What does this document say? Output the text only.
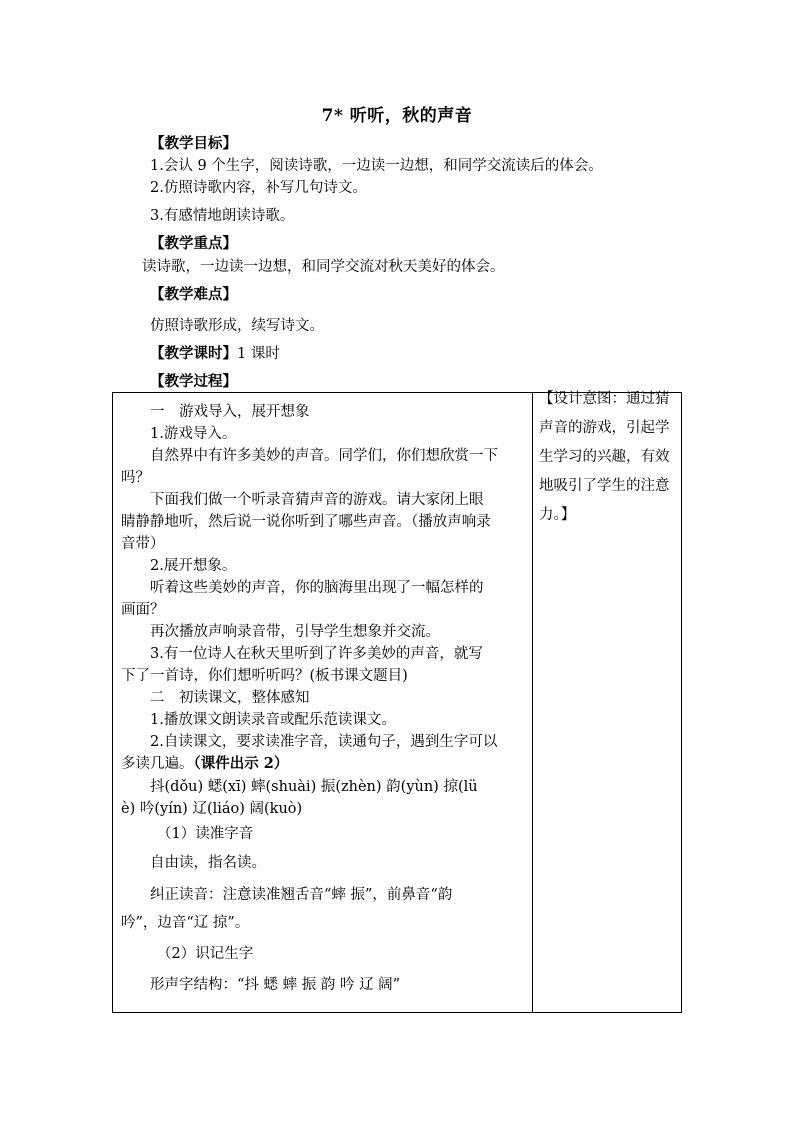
7* 听听，秋的声音
【教学目标】
1.会认 9 个生字，阅读诗歌，一边读一边想，和同学交流读后的体会。
2.仿照诗歌内容，补写几句诗文。
3.有感情地朗读诗歌。
【教学重点】
读诗歌，一边读一边想，和同学交流对秋天美好的体会。
【教学难点】
仿照诗歌形成，续写诗文。
【教学课时】1 课时
【教学过程】
一　游戏导入，展开想象
1.游戏导入。
自然界中有许多美妙的声音。同学们，你们想欣赏一下
吗？
下面我们做一个听录音猜声音的游戏。请大家闭上眼
睛静静地听，然后说一说你听到了哪些声音。（播放声响录
音带）
2.展开想象。
听着这些美妙的声音，你的脑海里出现了一幅怎样的
画面？
再次播放声响录音带，引导学生想象并交流。
3.有一位诗人在秋天里听到了许多美妙的声音，就写
下了一首诗，你们想听听吗？(板书课文题目)
二　初读课文，整体感知
1.播放课文朗读录音或配乐范读课文。
2.自读课文，要求读准字音，读通句子，遇到生字可以
多读几遍。（课件出示 2）
抖(dǒu) 蟋(xī) 蟀(shuài) 振(zhèn) 韵(yùn) 掠(lü
è) 吟(yín) 辽(liáo) 阔(kuò)
（1）读准字音
自由读，指名读。
纠正读音：注意读准翘舌音“蟀 振”，前鼻音“韵
吟”，边音“辽 掠”。
（2）识记生字
形声字结构：“抖 蟋 蟀 振 韵 吟 辽 阔”

【设计意图：通过猜声音的游戏，引起学生学习的兴趣，有效地吸引了学生的注意力。】
